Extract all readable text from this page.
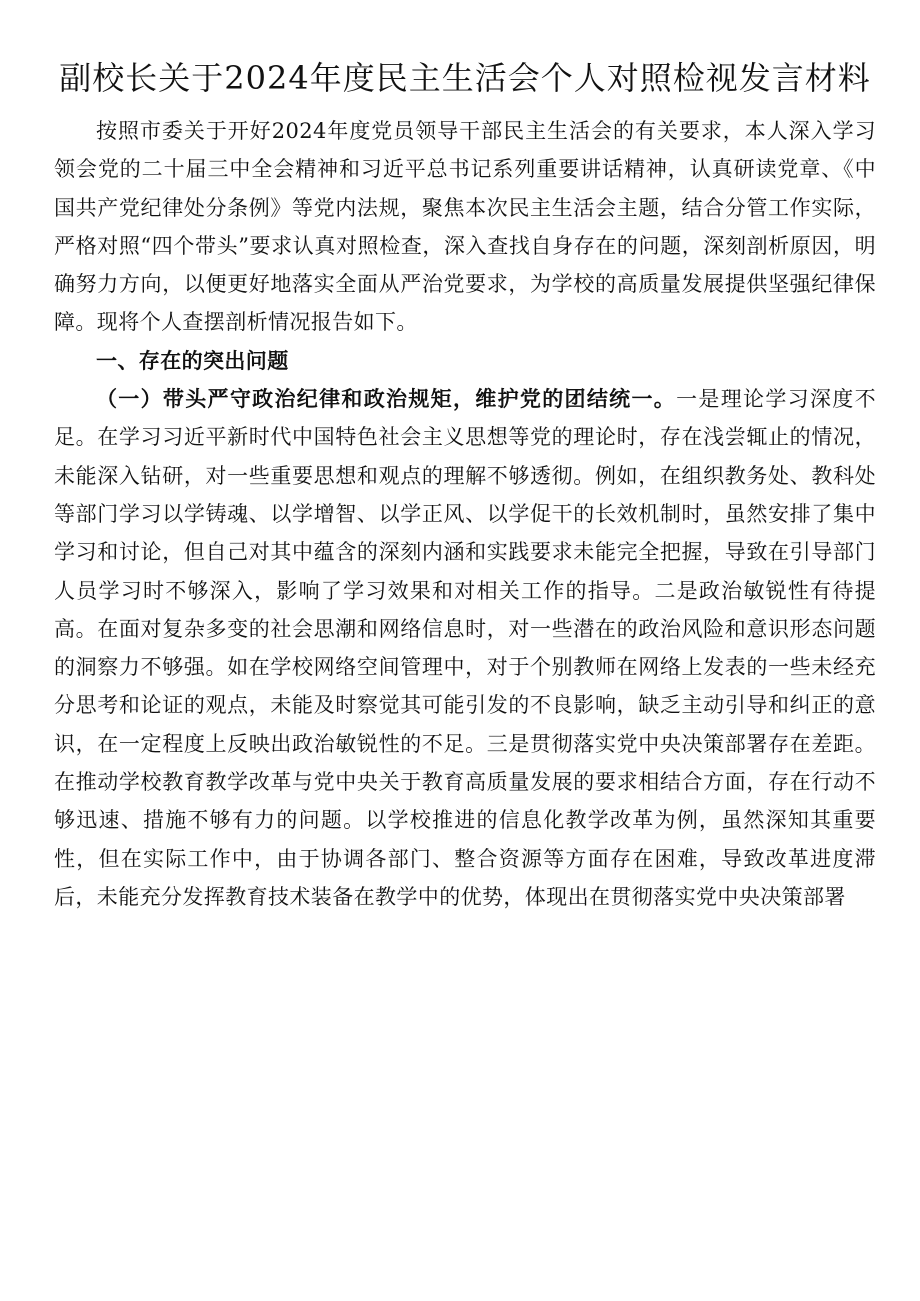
副校长关于2024年度民主生活会个人对照检视发言材料

按照市委关于开好2024年度党员领导干部民主生活会的有关要求，本人深入学习领会党的二十届三中全会精神和习近平总书记系列重要讲话精神，认真研读党章、《中国共产党纪律处分条例》等党内法规，聚焦本次民主生活会主题，结合分管工作实际，严格对照“四个带头”要求认真对照检查，深入查找自身存在的问题，深刻剖析原因，明确努力方向，以便更好地落实全面从严治党要求，为学校的高质量发展提供坚强纪律保障。现将个人查摆剖析情况报告如下。

一、存在的突出问题

（一）带头严守政治纪律和政治规矩，维护党的团结统一。一是理论学习深度不足。在学习习近平新时代中国特色社会主义思想等党的理论时，存在浅尝辄止的情况，未能深入钻研，对一些重要思想和观点的理解不够透彻。例如，在组织教务处、教科处等部门学习以学铸魂、以学增智、以学正风、以学促干的长效机制时，虽然安排了集中学习和讨论，但自己对其中蕴含的深刻内涵和实践要求未能完全把握，导致在引导部门人员学习时不够深入，影响了学习效果和对相关工作的指导。二是政治敏锐性有待提高。在面对复杂多变的社会思潮和网络信息时，对一些潜在的政治风险和意识形态问题的洞察力不够强。如在学校网络空间管理中，对于个别教师在网络上发表的一些未经充分思考和论证的观点，未能及时察觉其可能引发的不良影响，缺乏主动引导和纠正的意识，在一定程度上反映出政治敏锐性的不足。三是贯彻落实党中央决策部署存在差距。在推动学校教育教学改革与党中央关于教育高质量发展的要求相结合方面，存在行动不够迅速、措施不够有力的问题。以学校推进的信息化教学改革为例，虽然深知其重要性，但在实际工作中，由于协调各部门、整合资源等方面存在困难，导致改革进度滞后，未能充分发挥教育技术装备在教学中的优势，体现出在贯彻落实党中央决策部署
